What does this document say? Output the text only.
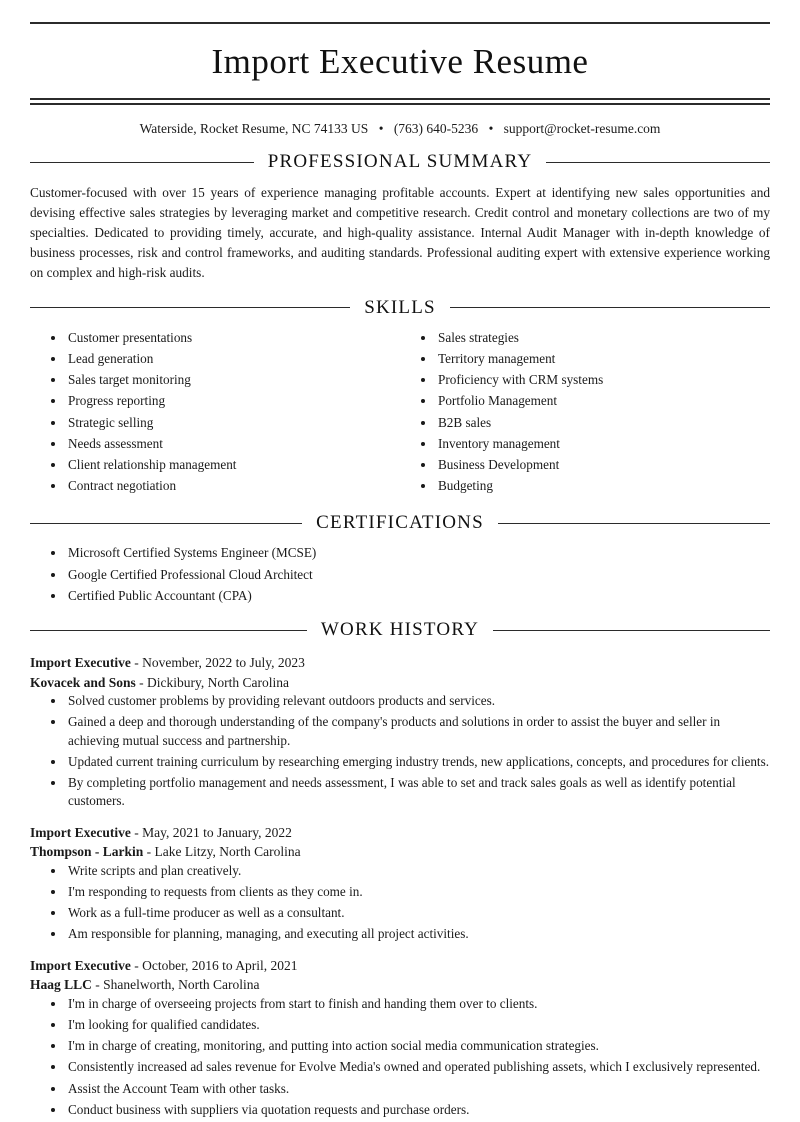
Import Executive Resume
Waterside, Rocket Resume, NC 74133 US • (763) 640-5236 • support@rocket-resume.com
PROFESSIONAL SUMMARY

Customer-focused with over 15 years of experience managing profitable accounts. Expert at identifying new sales opportunities and devising effective sales strategies by leveraging market and competitive research. Credit control and monetary collections are two of my specialties. Dedicated to providing timely, accurate, and high-quality assistance. Internal Audit Manager with in-depth knowledge of business processes, risk and control frameworks, and auditing standards. Professional auditing expert with extensive experience working on complex and high-risk audits.

SKILLS
• Customer presentations
• Lead generation
• Sales target monitoring
• Progress reporting
• Strategic selling
• Needs assessment
• Client relationship management
• Contract negotiation
• Sales strategies
• Territory management
• Proficiency with CRM systems
• Portfolio Management
• B2B sales
• Inventory management
• Business Development
• Budgeting
CERTIFICATIONS
• Microsoft Certified Systems Engineer (MCSE)
• Google Certified Professional Cloud Architect
• Certified Public Accountant (CPA)
WORK HISTORY

Import Executive - November, 2022 to July, 2023

Kovacek and Sons - Dickibury, North Carolina

• Solved customer problems by providing relevant outdoors products and services.
• Gained a deep and thorough understanding of the company's products and solutions in order to assist the buyer and seller in achieving mutual success and partnership.
• Updated current training curriculum by researching emerging industry trends, new applications, concepts, and procedures for clients.
• By completing portfolio management and needs assessment, I was able to set and track sales goals as well as identify potential customers.

Import Executive - May, 2021 to January, 2022

Thompson - Larkin - Lake Litzy, North Carolina

• Write scripts and plan creatively.
• I'm responding to requests from clients as they come in.
• Work as a full-time producer as well as a consultant.
• Am responsible for planning, managing, and executing all project activities.

Import Executive - October, 2016 to April, 2021

Haag LLC - Shanelworth, North Carolina

• I'm in charge of overseeing projects from start to finish and handing them over to clients.
• I'm looking for qualified candidates.
• I'm in charge of creating, monitoring, and putting into action social media communication strategies.
• Consistently increased ad sales revenue for Evolve Media's owned and operated publishing assets, which I exclusively represented.
• Assist the Account Team with other tasks.
• Conduct business with suppliers via quotation requests and purchase orders.
